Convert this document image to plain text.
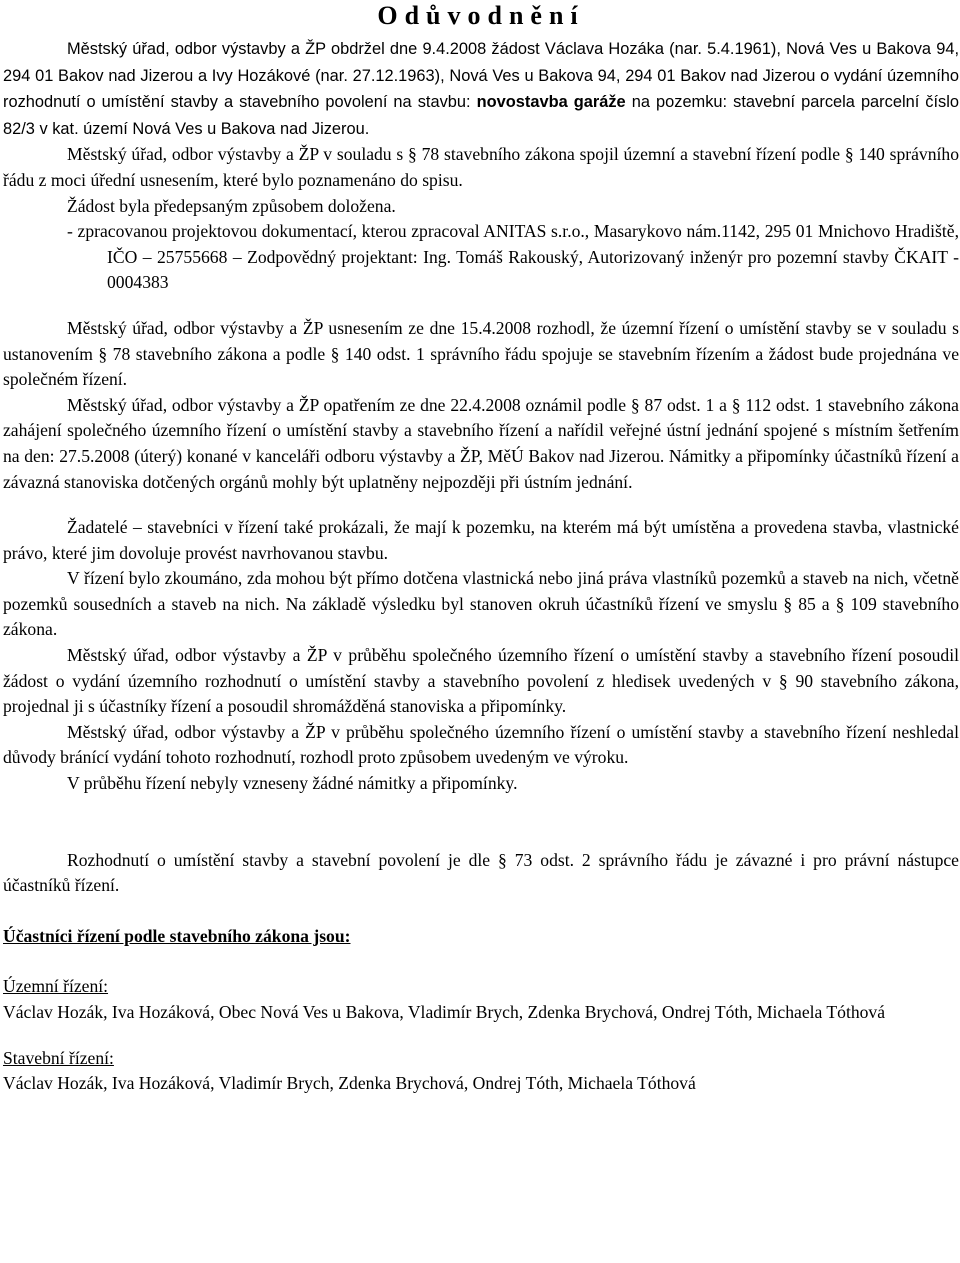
Odůvodnění

Městský úřad, odbor výstavby a ŽP obdržel dne 9.4.2008 žádost Václava Hozáka (nar. 5.4.1961), Nová Ves u Bakova 94, 294 01 Bakov nad Jizerou a Ivy Hozákové (nar. 27.12.1963), Nová Ves u Bakova 94, 294 01 Bakov nad Jizerou o vydání územního rozhodnutí o umístění stavby a stavebního povolení na stavbu: novostavba garáže na pozemku: stavební parcela parcelní číslo 82/3 v kat. území Nová Ves u Bakova nad Jizerou.

Městský úřad, odbor výstavby a ŽP v souladu s § 78 stavebního zákona spojil územní a stavební řízení podle § 140 správního řádu z moci úřední usnesením, které bylo poznamenáno do spisu.

Žádost byla předepsaným způsobem doložena.

- zpracovanou projektovou dokumentací, kterou zpracoval ANITAS s.r.o., Masarykovo nám.1142, 295 01 Mnichovo Hradiště, IČO – 25755668 – Zodpovědný projektant: Ing. Tomáš Rakouský, Autorizovaný inženýr pro pozemní stavby ČKAIT - 0004383

Městský úřad, odbor výstavby a ŽP usnesením ze dne 15.4.2008 rozhodl, že územní řízení o umístění stavby se v souladu s ustanovením § 78 stavebního zákona a podle § 140 odst. 1 správního řádu spojuje se stavebním řízením a žádost bude projednána ve společném řízení.

Městský úřad, odbor výstavby a ŽP opatřením ze dne 22.4.2008 oznámil podle § 87 odst. 1 a § 112 odst. 1 stavebního zákona zahájení společného územního řízení o umístění stavby a stavebního řízení a nařídil veřejné ústní jednání spojené s místním šetřením na den: 27.5.2008 (úterý) konané v kanceláři odboru výstavby a ŽP, MěÚ Bakov nad Jizerou. Námitky a připomínky účastníků řízení a závazná stanoviska dotčených orgánů mohly být uplatněny nejpozději při ústním jednání.

Žadatelé – stavebníci v řízení také prokázali, že mají k pozemku, na kterém má být umístěna a provedena stavba, vlastnické právo, které jim dovoluje provést navrhovanou stavbu.

V řízení bylo zkoumáno, zda mohou být přímo dotčena vlastnická nebo jiná práva vlastníků pozemků a staveb na nich, včetně pozemků sousedních a staveb na nich. Na základě výsledku byl stanoven okruh účastníků řízení ve smyslu § 85 a § 109 stavebního zákona.

Městský úřad, odbor výstavby a ŽP v průběhu společného územního řízení o umístění stavby a stavebního řízení posoudil žádost o vydání územního rozhodnutí o umístění stavby a stavebního povolení z hledisek uvedených v § 90 stavebního zákona, projednal ji s účastníky řízení a posoudil shromážděná stanoviska a připomínky.

Městský úřad, odbor výstavby a ŽP v průběhu společného územního řízení o umístění stavby a stavebního řízení neshledal důvody bránící vydání tohoto rozhodnutí, rozhodl proto způsobem uvedeným ve výroku.

V průběhu řízení nebyly vzneseny žádné námitky a připomínky.

Rozhodnutí o umístění stavby a stavební povolení je dle § 73 odst. 2 správního řádu je závazné i pro právní nástupce účastníků řízení.

Účastníci řízení podle stavebního zákona jsou:

Územní řízení:

Václav Hozák, Iva Hozáková, Obec Nová Ves u Bakova, Vladimír Brych, Zdenka Brychová, Ondrej Tóth, Michaela Tóthová

Stavební řízení:

Václav Hozák, Iva Hozáková, Vladimír Brych, Zdenka Brychová, Ondrej Tóth, Michaela Tóthová
